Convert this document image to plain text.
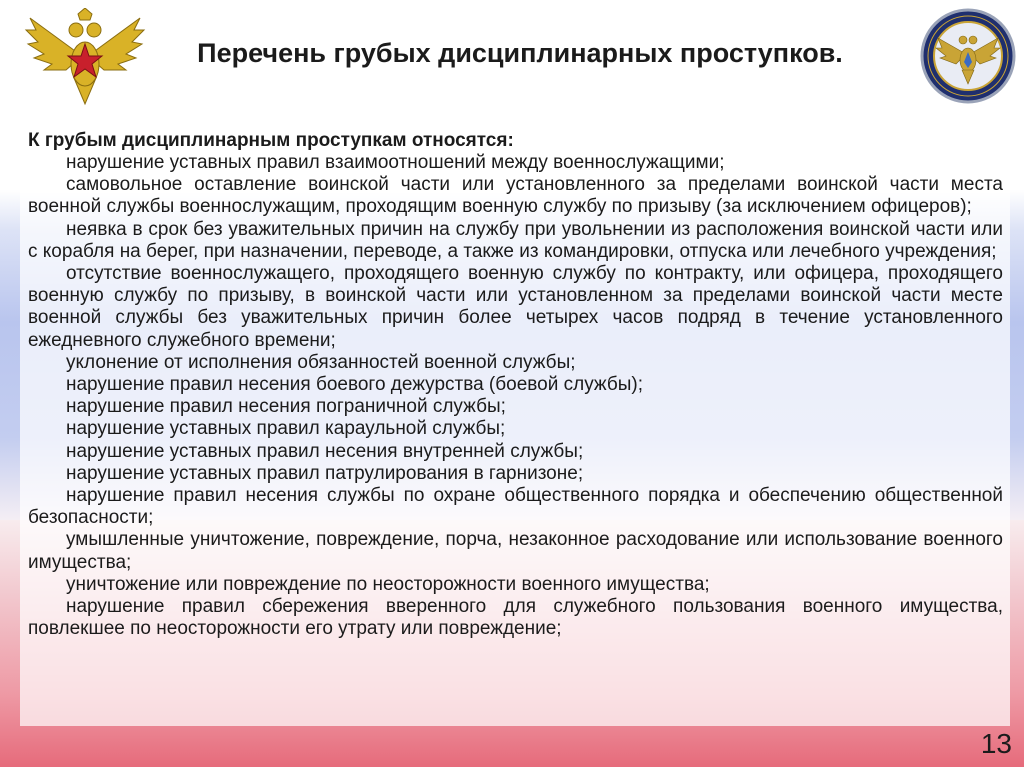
Перечень грубых дисциплинарных проступков.
К грубым дисциплинарным проступкам относятся:
нарушение уставных правил взаимоотношений между военнослужащими;
самовольное оставление воинской части или установленного за пределами воинской части места военной службы военнослужащим, проходящим военную службу по призыву (за исключением офицеров);
неявка в срок без уважительных причин на службу при увольнении из расположения воинской части или с корабля на берег, при назначении, переводе, а также из командировки, отпуска или лечебного учреждения;
отсутствие военнослужащего, проходящего военную службу по контракту, или офицера, проходящего военную службу по призыву, в воинской части или установленном за пределами воинской части месте военной службы без уважительных причин более четырех часов подряд в течение установленного ежедневного служебного времени;
уклонение от исполнения обязанностей военной службы;
нарушение правил несения боевого дежурства (боевой службы);
нарушение правил несения пограничной службы;
нарушение уставных правил караульной службы;
нарушение уставных правил несения внутренней службы;
нарушение уставных правил патрулирования в гарнизоне;
нарушение правил несения службы по охране общественного порядка и обеспечению общественной безопасности;
умышленные уничтожение, повреждение, порча, незаконное расходование или использование военного имущества;
уничтожение или повреждение по неосторожности военного имущества;
нарушение правил сбережения вверенного для служебного пользования военного имущества, повлекшее по неосторожности его утрату или повреждение;
13
